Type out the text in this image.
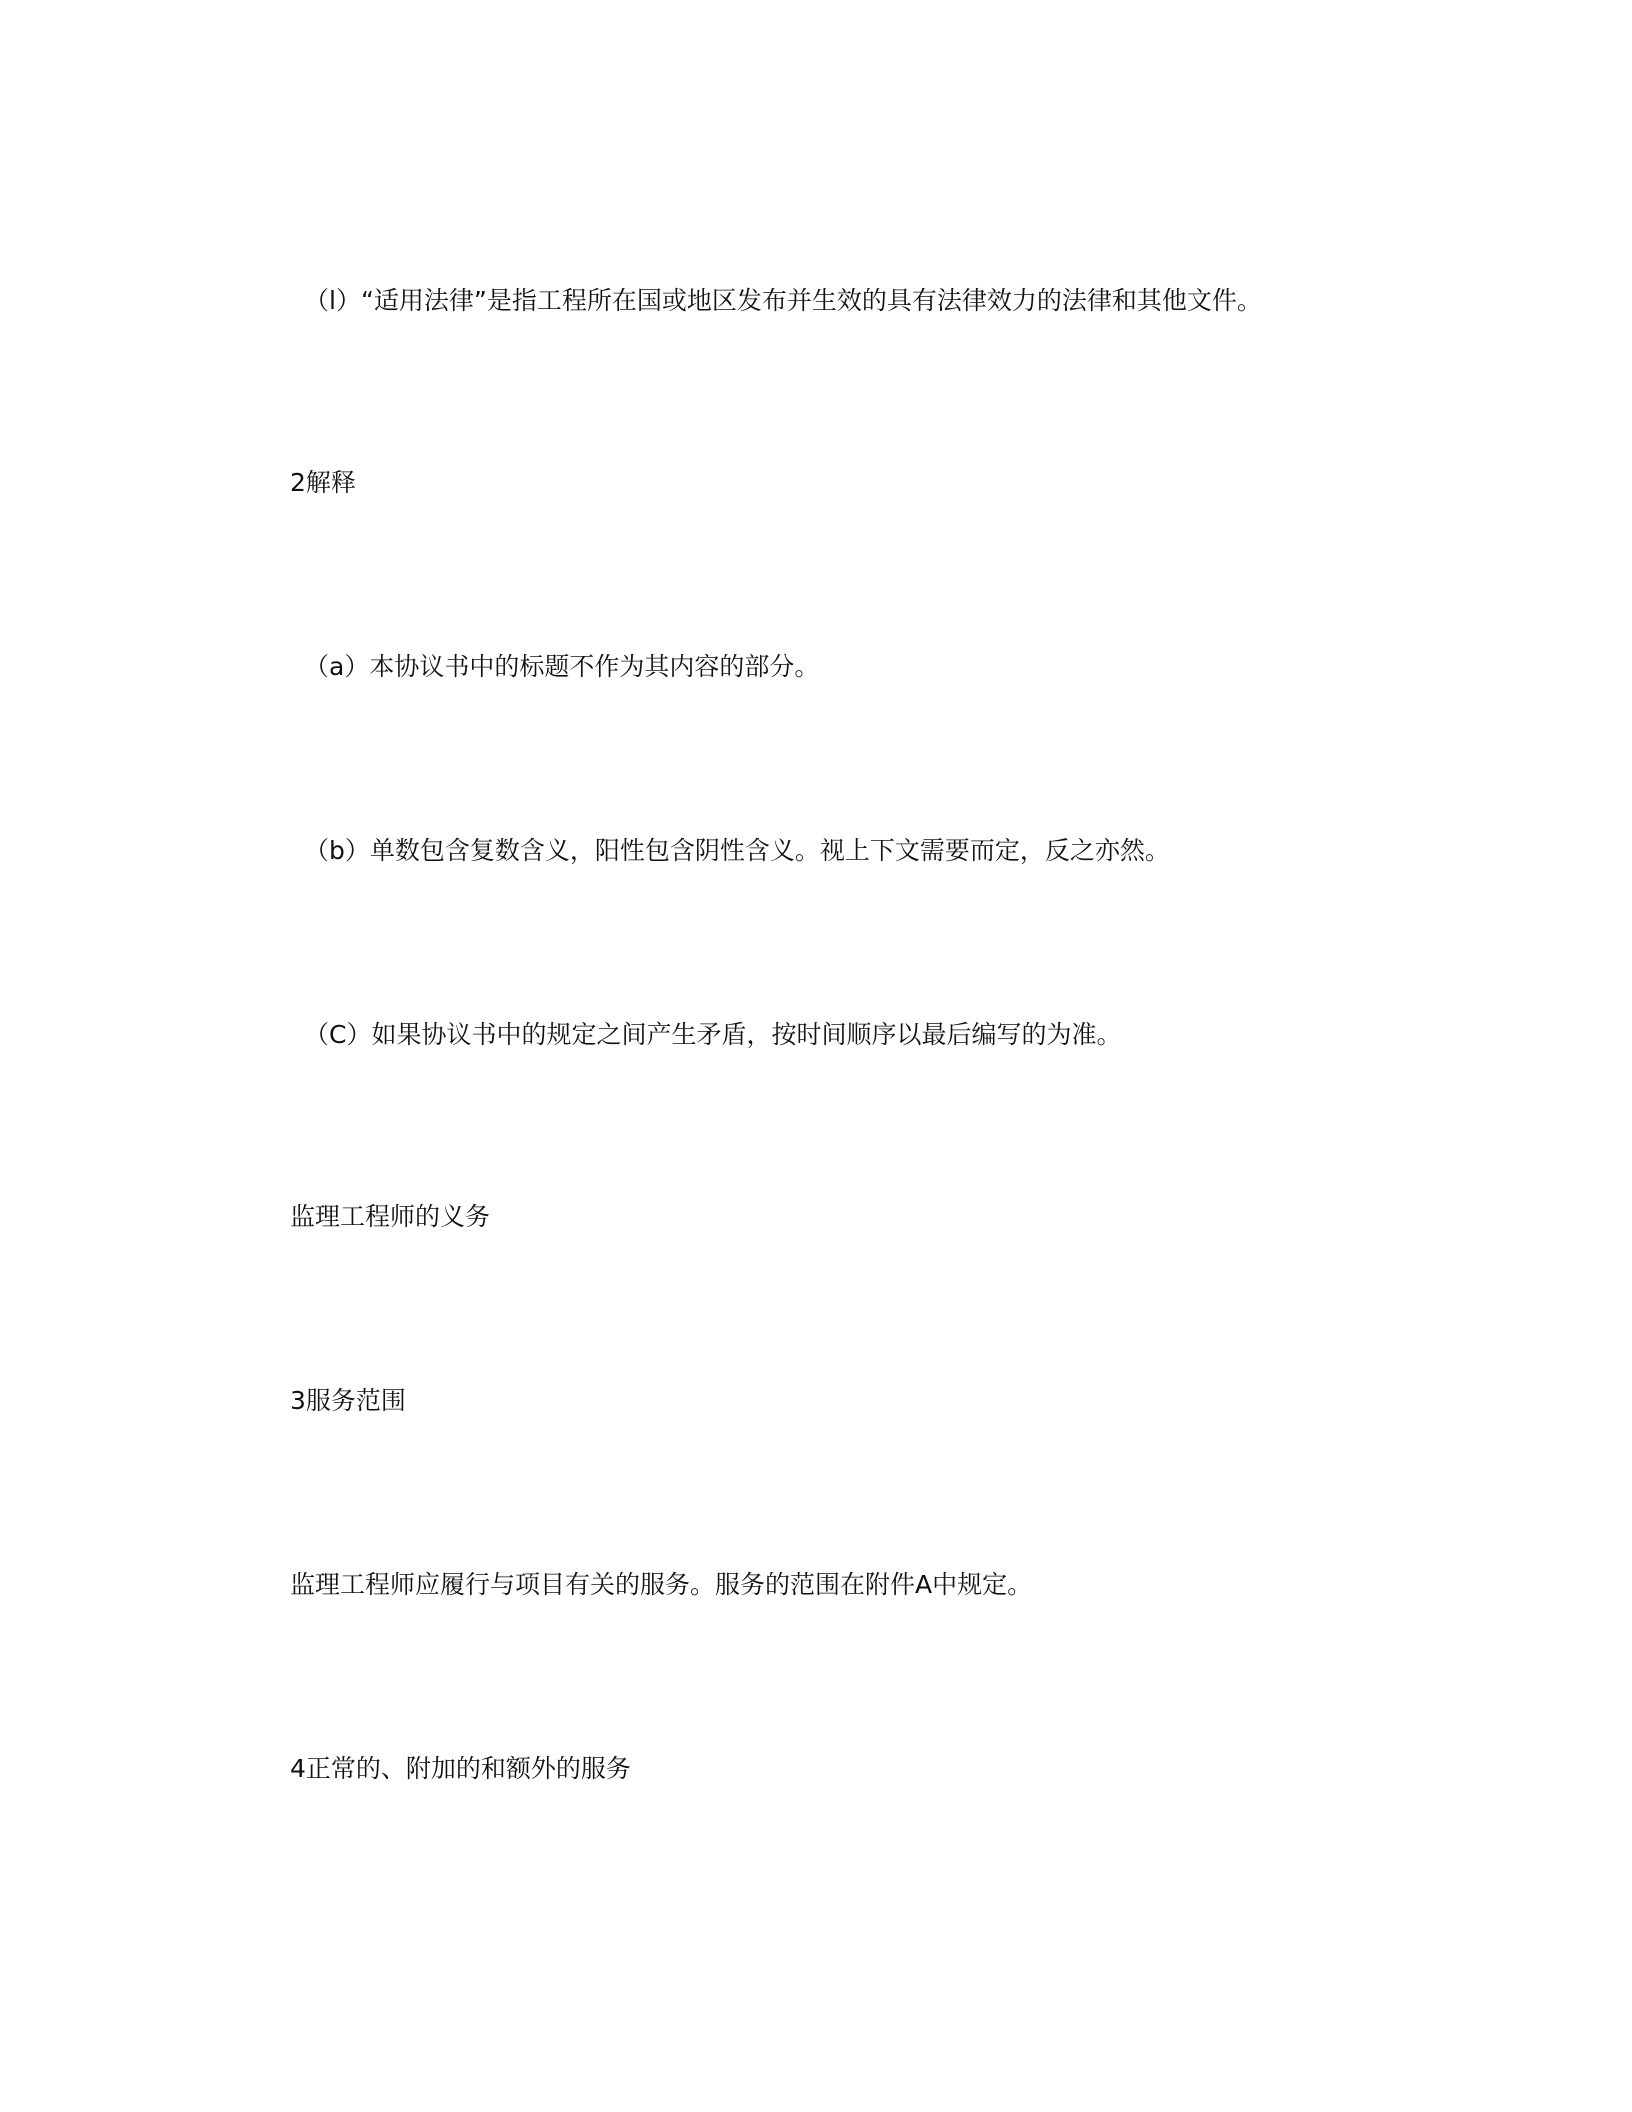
（l）“适用法律”是指工程所在国或地区发布并生效的具有法律效力的法律和其他文件。

2解释

（a）本协议书中的标题不作为其内容的部分。

（b）单数包含复数含义，阳性包含阴性含义。视上下文需要而定，反之亦然。

（C）如果协议书中的规定之间产生矛盾，按时间顺序以最后编写的为准。

监理工程师的义务
3服务范围

监理工程师应履行与项目有关的服务。服务的范围在附件A中规定。

4正常的、附加的和额外的服务
